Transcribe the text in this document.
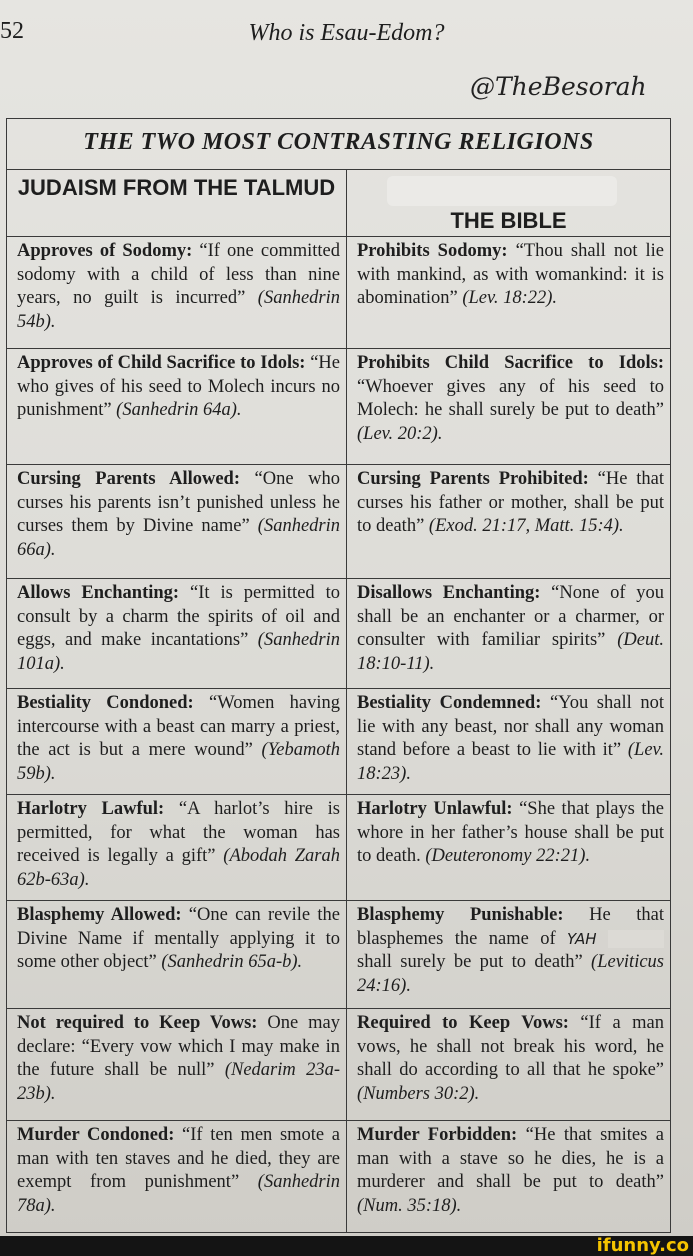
52	Who is Esau-Edom?
@TheBesorah
THE TWO MOST CONTRASTING RELIGIONS	
JUDAISM FROM THE TALMUD	THE BIBLE
Approves of Sodomy: “If one committed sodomy with a child of less than nine years, no guilt is incurred” (Sanhedrin 54b).	Prohibits Sodomy: “Thou shall not lie with mankind, as with womankind: it is abomination” (Lev. 18:22).
Approves of Child Sacrifice to Idols: “He who gives of his seed to Molech incurs no punishment” (Sanhedrin 64a).	Prohibits Child Sacrifice to Idols: “Whoever gives any of his seed to Molech: he shall surely be put to death” (Lev. 20:2).
Cursing Parents Allowed: “One who curses his parents isn’t punished unless he curses them by Divine name” (Sanhedrin 66a).	Cursing Parents Prohibited: “He that curses his father or mother, shall be put to death” (Exod. 21:17, Matt. 15:4).
Allows Enchanting: “It is permitted to consult by a charm the spirits of oil and eggs, and make incantations” (Sanhedrin 101a).	Disallows Enchanting: “None of you shall be an enchanter or a charmer, or consulter with familiar spirits” (Deut. 18:10-11).
Bestiality Condoned: “Women having intercourse with a beast can marry a priest, the act is but a mere wound” (Yebamoth 59b).	Bestiality Condemned: “You shall not lie with any beast, nor shall any woman stand before a beast to lie with it” (Lev. 18:23).
Harlotry Lawful: “A harlot’s hire is permitted, for what the woman has received is legally a gift” (Abodah Zarah 62b-63a).	Harlotry Unlawful: “She that plays the whore in her father’s house shall be put to death. (Deuteronomy 22:21).
Blasphemy Allowed: “One can revile the Divine Name if mentally applying it to some other object” (Sanhedrin 65a-b).	Blasphemy Punishable: He that blasphemes the name of YAH  shall surely be put to death” (Leviticus 24:16).
Not required to Keep Vows: One may declare: “Every vow which I may make in the future shall be null” (Nedarim 23a-23b).	Required to Keep Vows: “If a man vows, he shall not break his word, he shall do according to all that he spoke” (Numbers 30:2).
Murder Condoned: “If ten men smote a man with ten staves and he died, they are exempt from punishment” (Sanhedrin 78a).	Murder Forbidden: “He that smites a man with a stave so he dies, he is a murderer and shall be put to death” (Num. 35:18).
ifunny.co
